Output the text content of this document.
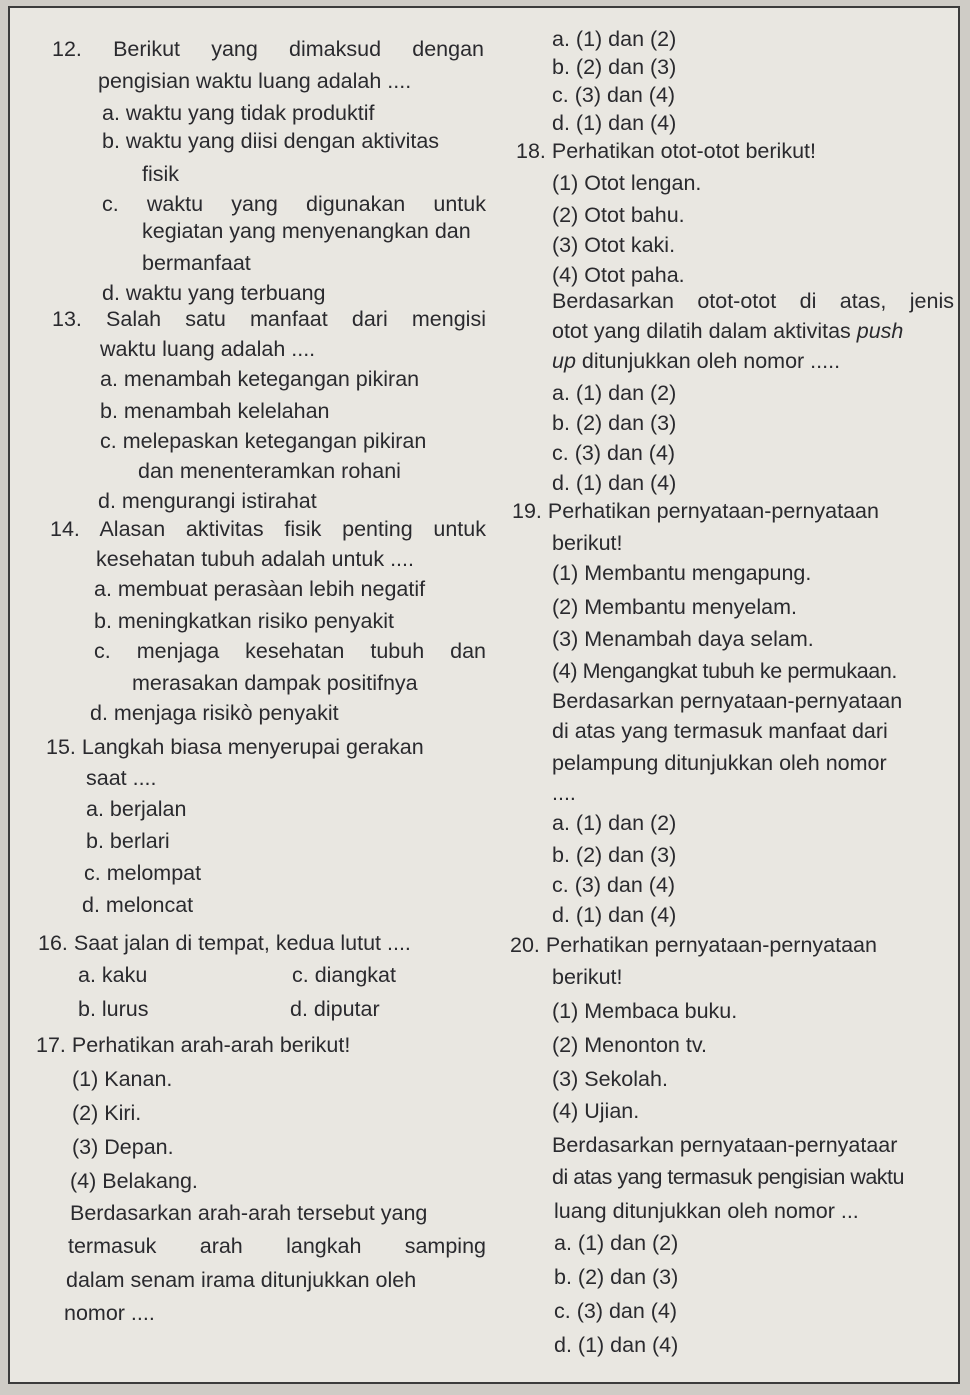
12. Berikut yang dimaksud dengan
pengisian waktu luang adalah ....
a. waktu yang tidak produktif
b. waktu yang diisi dengan aktivitas
fisik
c. waktu yang digunakan untuk
kegiatan yang menyenangkan dan
bermanfaat
d. waktu yang terbuang
13. Salah satu manfaat dari mengisi
waktu luang adalah ....
a. menambah ketegangan pikiran
b. menambah kelelahan
c. melepaskan ketegangan pikiran
dan menenteramkan rohani
d. mengurangi istirahat
14. Alasan aktivitas fisik penting untuk
kesehatan tubuh adalah untuk ....
a. membuat perasàan lebih negatif
b. meningkatkan risiko penyakit
c. menjaga kesehatan tubuh dan
merasakan dampak positifnya
d. menjaga risikò penyakit
15. Langkah biasa menyerupai gerakan
saat ....
a. berjalan
b. berlari
c. melompat
d. meloncat
16. Saat jalan di tempat, kedua lutut ....
a. kaku	c. diangkat
b. lurus	d. diputar
17. Perhatikan arah-arah berikut!
(1) Kanan.
(2) Kiri.
(3) Depan.
(4) Belakang.
Berdasarkan arah-arah tersebut yang
termasuk arah langkah samping
dalam senam irama ditunjukkan oleh
nomor ....
a. (1) dan (2)
b. (2) dan (3)
c. (3) dan (4)
d. (1) dan (4)
18. Perhatikan otot-otot berikut!
(1) Otot lengan.
(2) Otot bahu.
(3) Otot kaki.
(4) Otot paha.
Berdasarkan otot-otot di atas, jenis
otot yang dilatih dalam aktivitas push
up ditunjukkan oleh nomor .....
a. (1) dan (2)
b. (2) dan (3)
c. (3) dan (4)
d. (1) dan (4)
19. Perhatikan pernyataan-pernyataan
berikut!
(1) Membantu mengapung.
(2) Membantu menyelam.
(3) Menambah daya selam.
(4) Mengangkat tubuh ke permukaan.
Berdasarkan pernyataan-pernyataan
di atas yang termasuk manfaat dari
pelampung ditunjukkan oleh nomor
....
a. (1) dan (2)
b. (2) dan (3)
c. (3) dan (4)
d. (1) dan (4)
20. Perhatikan pernyataan-pernyataan
berikut!
(1) Membaca buku.
(2) Menonton tv.
(3) Sekolah.
(4) Ujian.
Berdasarkan pernyataan-pernyataar
di atas yang termasuk pengisian waktu
luang ditunjukkan oleh nomor ...
a. (1) dan (2)
b. (2) dan (3)
c. (3) dan (4)
d. (1) dan (4)
